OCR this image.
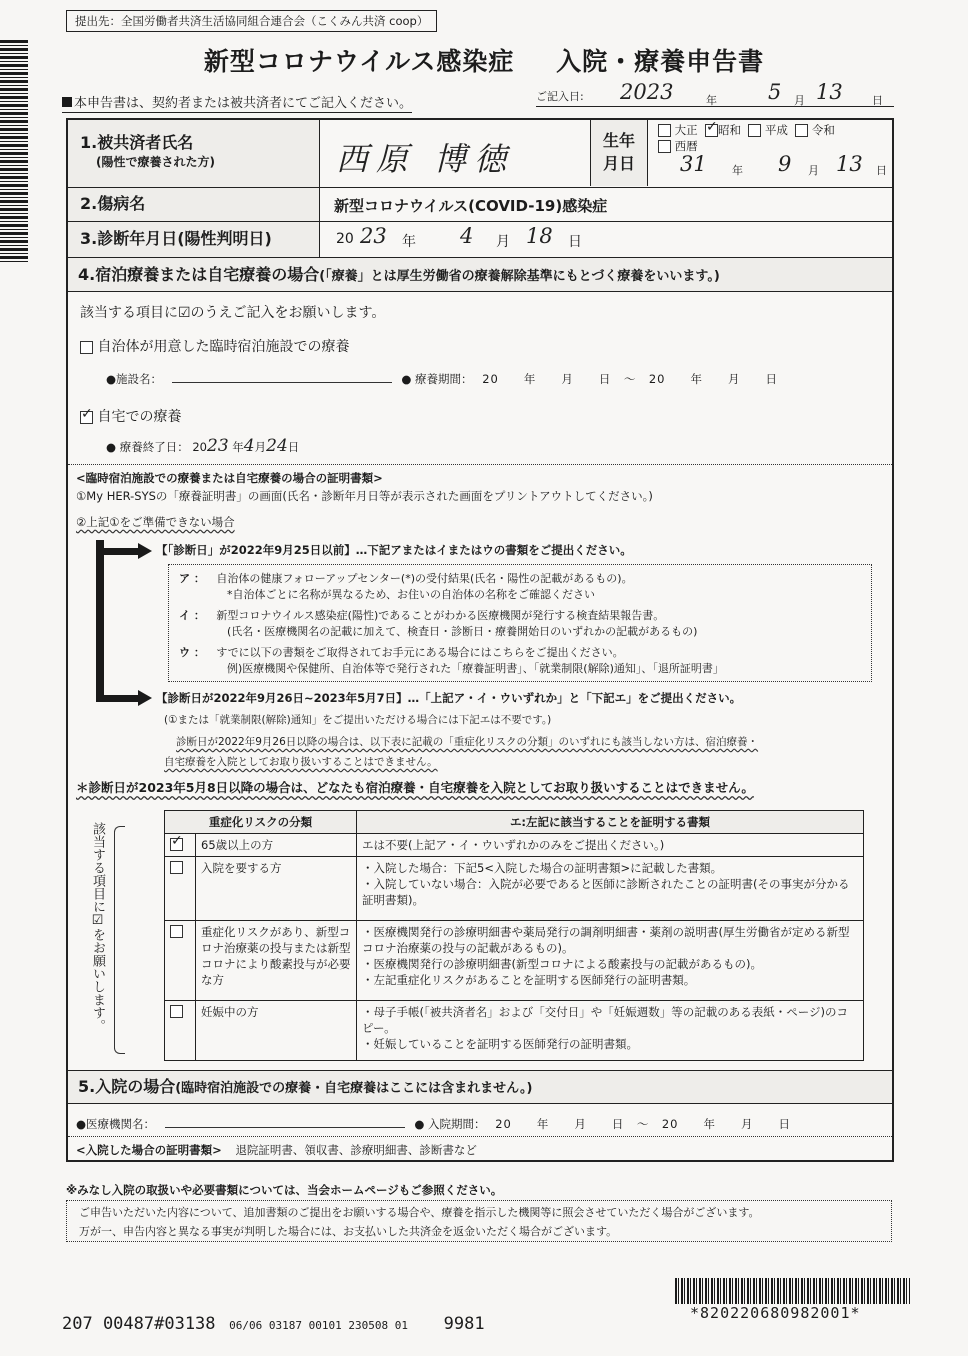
提出先：全国労働者共済生活協同組合連合会（こくみん共済 coop）
新型コロナウイルス感染症 入院・療養申告書
本申告書は、契約者または被共済者にてご記入ください。	ご記入日: 2023	年 5 月 13	日
1.被共済者氏名
(陽性で療養された方)	西原 博徳	生年
月日
大正 ✓ 昭和 平成 令和
西暦
31 年 9 月 13 日
2.傷病名	新型コロナウイルス(COVID-19)感染症
3.診断年月日(陽性判明日)	20 23 年 4 月 18 日
4.宿泊療養または自宅療養の場合(「療養」とは厚生労働省の療養解除基準にもとづく療養をいいます。)
該当する項目に☑のうえご記入をお願いします。
自治体が用意した臨時宿泊施設での療養
●施設名：	● 療養期間： 20　　年　　月　　日　～　20　　年　　月　　日
✓ 自宅での療養
● 療養終了日： 2023 年4月24日
<臨時宿泊施設での療養または自宅療養の場合の証明書類>
①My HER-SYSの「療養証明書」の画面(氏名・診断年月日等が表示された画面をプリントアウトしてください。)
②上記①をご準備できない場合
【「診断日」が2022年9月25日以前】…下記アまたはイまたはウの書類をご提出ください。
ア ： 自治体の健康フォローアップセンター(*)の受付結果(氏名・陽性の記載があるもの)。
*自治体ごとに名称が異なるため、お住いの自治体の名称をご確認ください
イ ： 新型コロナウイルス感染症(陽性)であることがわかる医療機関が発行する検査結果報告書。
(氏名・医療機関名の記載に加えて、検査日・診断日・療養開始日のいずれかの記載があるもの)
ウ ： すでに以下の書類をご取得されてお手元にある場合にはこちらをご提出ください。
例)医療機関や保健所、自治体等で発行された「療養証明書」、「就業制限(解除)通知」、「退所証明書」
【診断日が2022年9月26日~2023年5月7日】…「上記ア・イ・ウいずれか」と「下記エ」をご提出ください。
(①または「就業制限(解除)通知」をご提出いただける場合には下記エは不要です。)
診断日が2022年9月26日以降の場合は、以下表に記載の「重症化リスクの分類」のいずれにも該当しない方は、宿泊療養・
自宅療養を入院としてお取り扱いすることはできません。
＊診断日が2023年5月8日以降の場合は、どなたも宿泊療養・自宅療養を入院としてお取り扱いすることはできません。
該当する項目に☑をお願いします。	重症化リスクの分類		エ:左記に該当することを証明する書類
✓	65歳以上の方	エは不要(上記ア・イ・ウいずれかのみをご提出ください。)

	入院を要する方	・入院した場合：下記5<入院した場合の証明書類>に記載した書類。
・入院していない場合：入院が必要であると医師に診断されたことの証明書(その事実が分かる証明書類)。

	重症化リスクがあり、新型コロナ治療薬の投与または新型コロナにより酸素投与が必要な方	・医療機関発行の診療明細書や薬局発行の調剤明細書・薬剤の説明書(厚生労働省が定める新型コロナ治療薬の投与の記載があるもの)。
・医療機関発行の診療明細書(新型コロナによる酸素投与の記載があるもの)。
・左記重症化リスクがあることを証明する医師発行の証明書類。

	妊娠中の方	・母子手帳(「被共済者名」および「交付日」や「妊娠週数」等の記載のある表紙・ページ)のコピー。
・妊娠していることを証明する医師発行の証明書類。
5.入院の場合(臨時宿泊施設での療養・自宅療養はここには含まれません。)
●医療機関名：	● 入院期間： 20　　年　　月　　日　～　20　　年　　月　　日
<入院した場合の証明書類> 退院証明書、領収書、診療明細書、診断書など
※みなし入院の取扱いや必要書類については、当会ホームページもご参照ください。
ご申告いただいた内容について、追加書類のご提出をお願いする場合や、療養を指示した機関等に照会させていただく場合がございます。
万が一、申告内容と異なる事実が判明した場合には、お支払いした共済金を返金いただく場合がございます。
207 00487#03138 06/06 03187 00101 230508 01 9981
*820220680982001*
